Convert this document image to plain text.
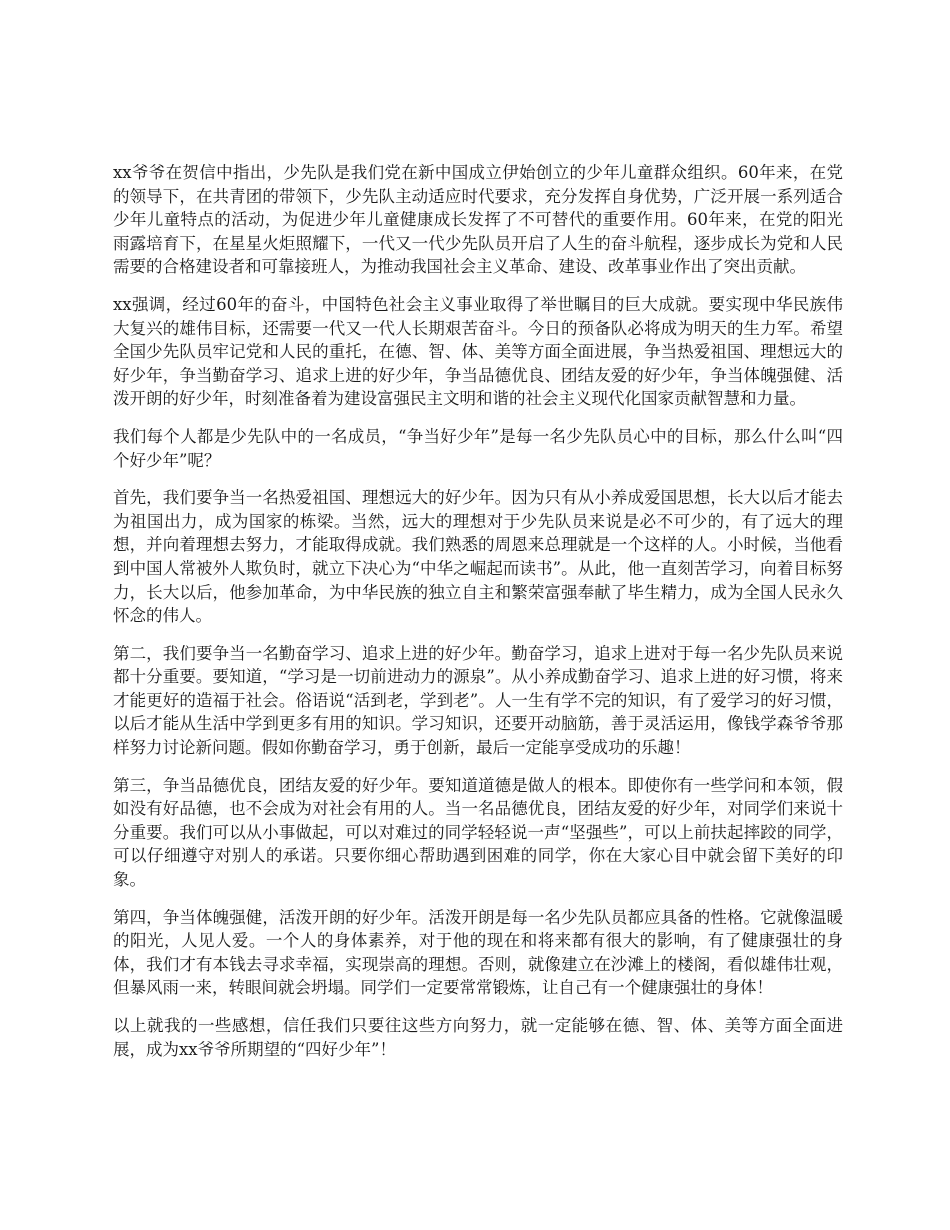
xx爷爷在贺信中指出，少先队是我们党在新中国成立伊始创立的少年儿童群众组织。60年来，在党的领导下，在共青团的带领下，少先队主动适应时代要求，充分发挥自身优势，广泛开展一系列适合少年儿童特点的活动，为促进少年儿童健康成长发挥了不可替代的重要作用。60年来，在党的阳光雨露培育下，在星星火炬照耀下，一代又一代少先队员开启了人生的奋斗航程，逐步成长为党和人民需要的合格建设者和可靠接班人，为推动我国社会主义革命、建设、改革事业作出了突出贡献。

xx强调，经过60年的奋斗，中国特色社会主义事业取得了举世瞩目的巨大成就。要实现中华民族伟大复兴的雄伟目标，还需要一代又一代人长期艰苦奋斗。今日的预备队必将成为明天的生力军。希望全国少先队员牢记党和人民的重托，在德、智、体、美等方面全面进展，争当热爱祖国、理想远大的好少年，争当勤奋学习、追求上进的好少年，争当品德优良、团结友爱的好少年，争当体魄强健、活泼开朗的好少年，时刻准备着为建设富强民主文明和谐的社会主义现代化国家贡献智慧和力量。

我们每个人都是少先队中的一名成员，“争当好少年”是每一名少先队员心中的目标，那么什么叫“四个好少年”呢？

首先，我们要争当一名热爱祖国、理想远大的好少年。因为只有从小养成爱国思想，长大以后才能去为祖国出力，成为国家的栋梁。当然，远大的理想对于少先队员来说是必不可少的，有了远大的理想，并向着理想去努力，才能取得成就。我们熟悉的周恩来总理就是一个这样的人。小时候，当他看到中国人常被外人欺负时，就立下决心为“中华之崛起而读书”。从此，他一直刻苦学习，向着目标努力，长大以后，他参加革命，为中华民族的独立自主和繁荣富强奉献了毕生精力，成为全国人民永久怀念的伟人。

第二，我们要争当一名勤奋学习、追求上进的好少年。勤奋学习，追求上进对于每一名少先队员来说都十分重要。要知道，“学习是一切前进动力的源泉”。从小养成勤奋学习、追求上进的好习惯，将来才能更好的造福于社会。俗语说“活到老，学到老”。人一生有学不完的知识，有了爱学习的好习惯，以后才能从生活中学到更多有用的知识。学习知识，还要开动脑筋，善于灵活运用，像钱学森爷爷那样努力讨论新问题。假如你勤奋学习，勇于创新，最后一定能享受成功的乐趣！

第三，争当品德优良，团结友爱的好少年。要知道道德是做人的根本。即使你有一些学问和本领，假如没有好品德，也不会成为对社会有用的人。当一名品德优良，团结友爱的好少年，对同学们来说十分重要。我们可以从小事做起，可以对难过的同学轻轻说一声“坚强些”，可以上前扶起摔跤的同学，可以仔细遵守对别人的承诺。只要你细心帮助遇到困难的同学，你在大家心目中就会留下美好的印象。

第四，争当体魄强健，活泼开朗的好少年。活泼开朗是每一名少先队员都应具备的性格。它就像温暖的阳光，人见人爱。一个人的身体素养，对于他的现在和将来都有很大的影响，有了健康强壮的身体，我们才有本钱去寻求幸福，实现崇高的理想。否则，就像建立在沙滩上的楼阁，看似雄伟壮观，但暴风雨一来，转眼间就会坍塌。同学们一定要常常锻炼，让自己有一个健康强壮的身体！

以上就我的一些感想，信任我们只要往这些方向努力，就一定能够在德、智、体、美等方面全面进展，成为xx爷爷所期望的“四好少年”！
